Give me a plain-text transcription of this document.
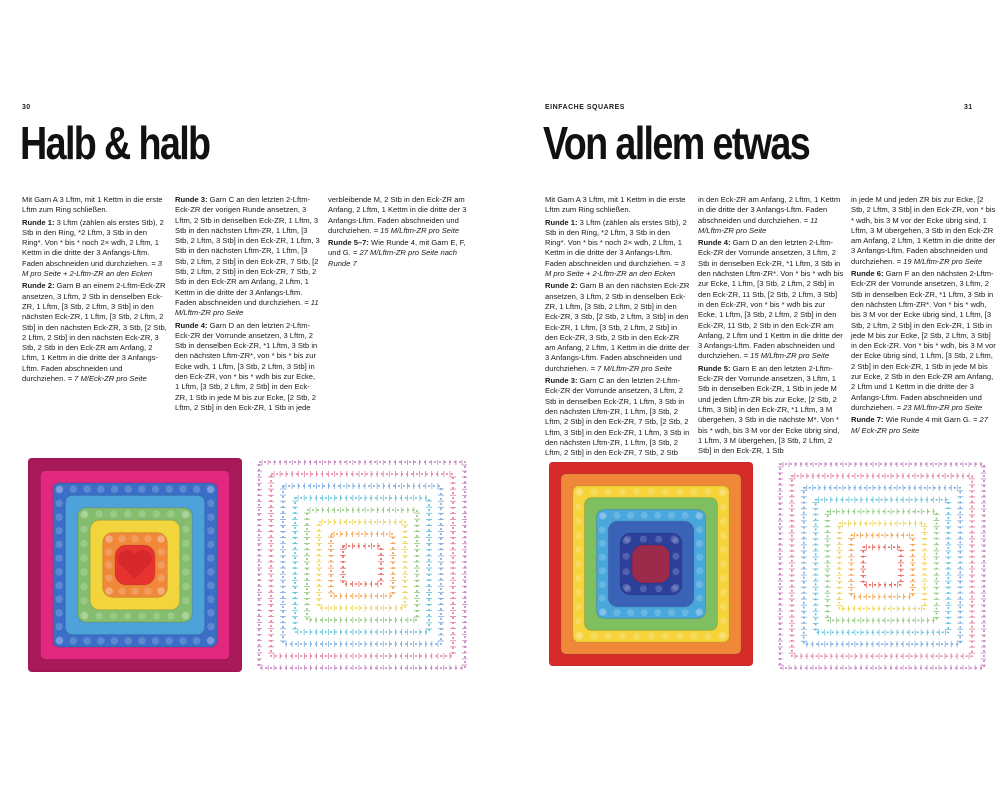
30
Halb & halb

Mit Garn A 3 Lftm, mit 1 Kettm in die erste Lftm zum Ring schließen.

Runde 1: 3 Lftm (zählen als erstes Stb), 2 Stb in den Ring, *2 Lftm, 3 Stb in den Ring*. Von * bis * noch 2× wdh, 2 Lftm, 1 Kettm in die dritte der 3 Anfangs-Lftm. Faden abschneiden und durchziehen. = 3 M pro Seite + 2-Lftm-ZR an den Ecken

Runde 2: Garn B an einem 2-Lftm-Eck-ZR ansetzen, 3 Lftm, 2 Stb in denselben Eck-ZR, 1 Lftm, [3 Stb, 2 Lftm, 3 Stb] in den nächsten Eck-ZR, 1 Lftm, [3 Stb, 2 Lftm, 2 Stb] in den nächsten Eck-ZR, 3 Stb, [2 Stb, 2 Lftm, 2 Stb] in den nächsten Eck-ZR, 3 Stb, 2 Stb in den Eck-ZR am Anfang, 2 Lftm, 1 Kettm in die dritte der 3 Anfangs-Lftm. Faden abschneiden und durchziehen. = 7 M/Eck-ZR pro Seite

Runde 3: Garn C an den letzten 2-Lftm-Eck-ZR der vorigen Runde ansetzen, 3 Lftm, 2 Stb in denselben Eck-ZR, 1 Lftm, 3 Stb in den nächsten Lftm-ZR, 1 Lftm, [3 Stb, 2 Lftm, 3 Stb] in den Eck-ZR, 1 Lftm, 3 Stb in den nächsten Lftm-ZR, 1 Lftm, [3 Stb, 2 Lftm, 2 Stb] in den Eck-ZR, 7 Stb, [2 Stb, 2 Lftm, 2 Stb] in den Eck-ZR, 7 Stb, 2 Stb in den Eck-ZR am Anfang, 2 Lftm, 1 Kettm in die dritte der 3 Anfangs-Lftm. Faden abschneiden und durchziehen. = 11 M/Lftm-ZR pro Seite

Runde 4: Garn D an den letzten 2-Lftm-Eck-ZR der Vorrunde ansetzen, 3 Lftm, 2 Stb in denselben Eck-ZR, *1 Lftm, 3 Stb in den nächsten Lftm-ZR*, von * bis * bis zur Ecke wdh, 1 Lftm, [3 Stb, 2 Lftm, 3 Stb] in den Eck-ZR, von * bis * wdh bis zur Ecke, 1 Lftm, [3 Stb, 2 Lftm, 2 Stb] in den Eck-ZR, 1 Stb in jede M bis zur Ecke, [2 Stb, 2 Lftm, 2 Stb] in den Eck-ZR, 1 Stb in jede

verbleibende M, 2 Stb in den Eck-ZR am Anfang, 2 Lftm, 1 Kettm in die dritte der 3 Anfangs-Lftm. Faden abschneiden und durchziehen. = 15 M/Lftm-ZR pro Seite

Runde 5–7: Wie Runde 4, mit Garn E, F, und G. = 27 M/Lftm-ZR pro Seite nach Runde 7

EINFACHE SQUARES	31
Von allem etwas

Mit Garn A 3 Lftm, mit 1 Kettm in die erste Lftm zum Ring schließen.

Runde 1: 3 Lftm (zählen als erstes Stb), 2 Stb in den Ring, *2 Lftm, 3 Stb in den Ring*. Von * bis * noch 2× wdh, 2 Lftm, 1 Kettm in die dritte der 3 Anfangs-Lftm. Faden abschneiden und durchziehen. = 3 M pro Seite + 2-Lftm-ZR an den Ecken

Runde 2: Garn B an den nächsten Eck-ZR ansetzen, 3 Lftm, 2 Stb in denselben Eck-ZR, 1 Lftm, [3 Stb, 2 Lftm, 2 Stb] in den Eck-ZR, 3 Stb, [2 Stb, 2 Lftm, 3 Stb] in den Eck-ZR, 1 Lftm, [3 Stb, 2 Lftm, 2 Stb] in den Eck-ZR, 3 Stb, 2 Stb in den Eck-ZR am Anfang, 2 Lftm, 1 Kettm in die dritte der 3 Anfangs-Lftm. Faden abschneiden und durchziehen. = 7 M/Lftm-ZR pro Seite

Runde 3: Garn C an den letzten 2-Lftm-Eck-ZR der Vorrunde ansetzen, 3 Lftm, 2 Stb in denselben Eck-ZR, 1 Lftm, 3 Stb in den nächsten Lftm-ZR, 1 Lftm, [3 Stb, 2 Lftm, 2 Stb] in den Eck-ZR, 7 Stb, [2 Stb, 2 Lftm, 3 Stb] in den Eck-ZR, 1 Lftm, 3 Stb in den nächsten Lftm-ZR, 1 Lftm, [3 Stb, 2 Lftm, 2 Stb] in den Eck-ZR, 7 Stb, 2 Stb

in den Eck-ZR am Anfang, 2 Lftm, 1 Kettm in die dritte der 3 Anfangs-Lftm. Faden abschneiden und durchziehen. = 11 M/Lftm-ZR pro Seite

Runde 4: Garn D an den letzten 2-Lftm-Eck-ZR der Vorrunde ansetzen, 3 Lftm, 2 Stb in denselben Eck-ZR, *1 Lftm, 3 Stb in den nächsten Lftm-ZR*. Von * bis * wdh bis zur Ecke, 1 Lftm, [3 Stb, 2 Lftm, 2 Stb] in den Eck-ZR, 11 Stb, [2 Stb, 2 Lftm, 3 Stb] in den Eck-ZR, von * bis * wdh bis zur Ecke, 1 Lftm, [3 Stb, 2 Lftm, 2 Stb] in den Eck-ZR, 11 Stb, 2 Stb in den Eck-ZR am Anfang, 2 Lftm und 1 Kettm in die dritte der 3 Anfangs-Lftm. Faden abschneiden und durchziehen. = 15 M/Lftm-ZR pro Seite

Runde 5: Garn E an den letzten 2-Lftm-Eck-ZR der Vorrunde ansetzen, 3 Lftm, 1 Stb in denselben Eck-ZR, 1 Stb in jede M und jeden Lftm-ZR bis zur Ecke, [2 Stb, 2 Lftm, 3 Stb] in den Eck-ZR, *1 Lftm, 3 M übergehen, 3 Stb in die nächste M*. Von * bis * wdh, bis 3 M vor der Ecke übrig sind, 1 Lftm, 3 M übergehen, [3 Stb, 2 Lftm, 2 Stb] in den Eck-ZR, 1 Stb

in jede M und jeden ZR bis zur Ecke, [2 Stb, 2 Lftm, 3 Stb] in den Eck-ZR, von * bis * wdh, bis 3 M vor der Ecke übrig sind, 1 Lftm, 3 M übergehen, 3 Stb in den Eck-ZR am Anfang, 2 Lftm, 1 Kettm in die dritte der 3 Anfangs-Lftm. Faden abschneiden und durchziehen. = 19 M/Lftm-ZR pro Seite

Runde 6: Garn F an den nächsten 2-Lftm-Eck-ZR der Vorrunde ansetzen, 3 Lftm, 2 Stb in denselben Eck-ZR, *1 Lftm, 3 Stb in den nächsten Lftm-ZR*. Von * bis * wdh, bis 3 M vor der Ecke übrig sind, 1 Lftm, [3 Stb, 2 Lftm, 2 Stb] in den Eck-ZR, 1 Stb in jede M bis zur Ecke, [2 Stb, 2 Lftm, 3 Stb] in den Eck-ZR. Von * bis * wdh, bis 3 M vor der Ecke übrig sind, 1 Lftm, [3 Stb, 2 Lftm, 2 Stb] in den Eck-ZR, 1 Stb in jede M bis zur Ecke, 2 Stb in den Eck-ZR am Anfang, 2 Lftm und 1 Kettm in die dritte der 3 Anfangs-Lftm. Faden abschneiden und durchziehen. = 23 M/Lftm-ZR pro Seite

Runde 7: Wie Runde 4 mit Garn G. = 27 M/ Eck-ZR pro Seite
